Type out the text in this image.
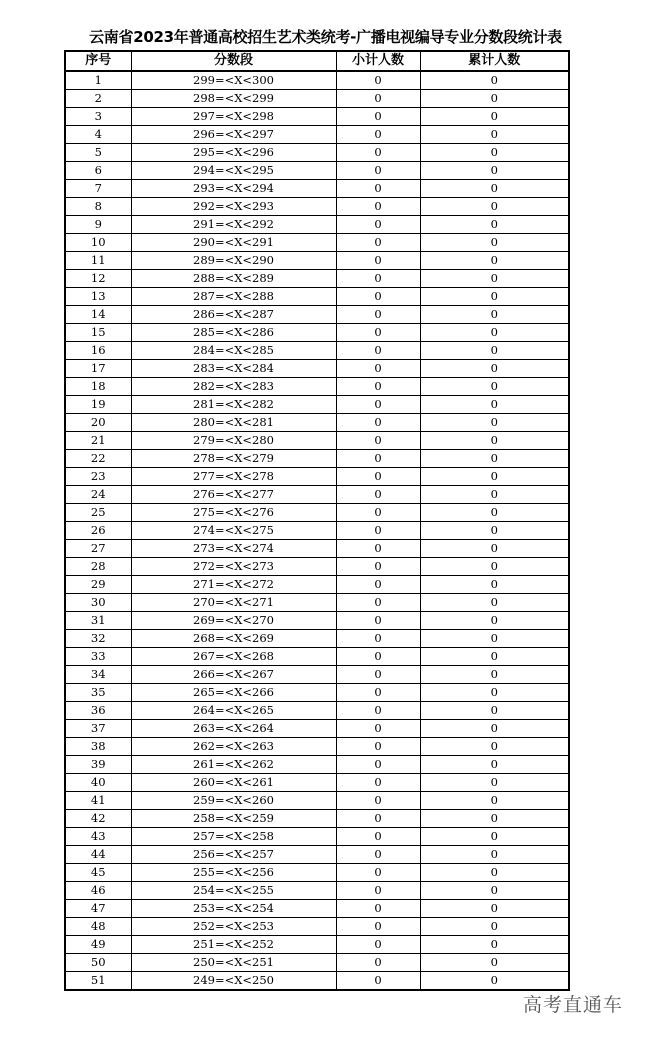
云南省2023年普通高校招生艺术类统考-广播电视编导专业分数段统计表
序号	分数段	小计人数	累计人数
1	299=<X<300	0	0
2	298=<X<299	0	0
3	297=<X<298	0	0
4	296=<X<297	0	0
5	295=<X<296	0	0
6	294=<X<295	0	0
7	293=<X<294	0	0
8	292=<X<293	0	0
9	291=<X<292	0	0
10	290=<X<291	0	0
11	289=<X<290	0	0
12	288=<X<289	0	0
13	287=<X<288	0	0
14	286=<X<287	0	0
15	285=<X<286	0	0
16	284=<X<285	0	0
17	283=<X<284	0	0
18	282=<X<283	0	0
19	281=<X<282	0	0
20	280=<X<281	0	0
21	279=<X<280	0	0
22	278=<X<279	0	0
23	277=<X<278	0	0
24	276=<X<277	0	0
25	275=<X<276	0	0
26	274=<X<275	0	0
27	273=<X<274	0	0
28	272=<X<273	0	0
29	271=<X<272	0	0
30	270=<X<271	0	0
31	269=<X<270	0	0
32	268=<X<269	0	0
33	267=<X<268	0	0
34	266=<X<267	0	0
35	265=<X<266	0	0
36	264=<X<265	0	0
37	263=<X<264	0	0
38	262=<X<263	0	0
39	261=<X<262	0	0
40	260=<X<261	0	0
41	259=<X<260	0	0
42	258=<X<259	0	0
43	257=<X<258	0	0
44	256=<X<257	0	0
45	255=<X<256	0	0
46	254=<X<255	0	0
47	253=<X<254	0	0
48	252=<X<253	0	0
49	251=<X<252	0	0
50	250=<X<251	0	0
51	249=<X<250	0	0
高考直通车
